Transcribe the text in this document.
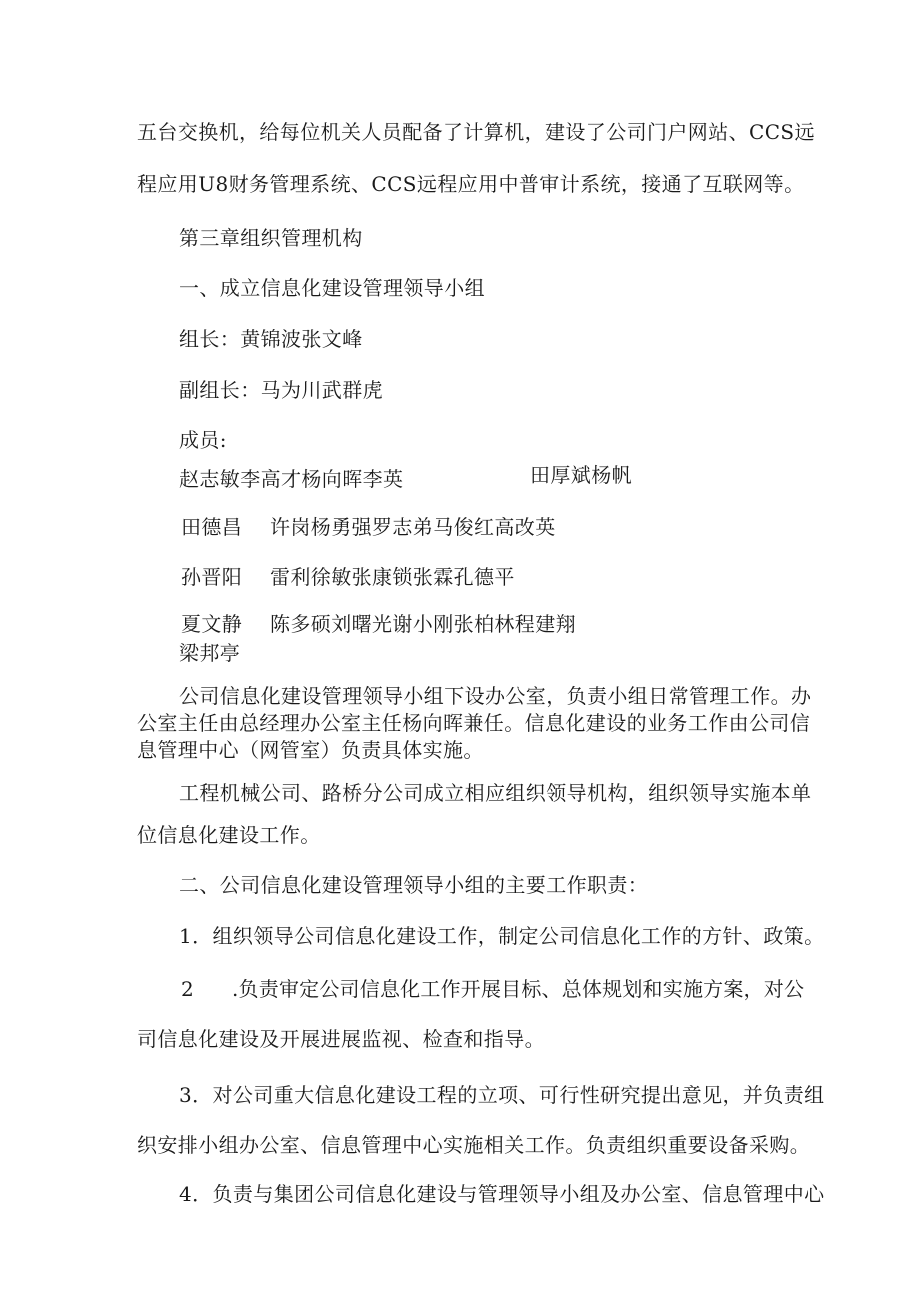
五台交换机，给每位机关人员配备了计算机，建设了公司门户网站、CCS远
程应用U8财务管理系统、CCS远程应用中普审计系统，接通了互联网等。
第三章组织管理机构
一、成立信息化建设管理领导小组
组长：黄锦波张文峰
副组长：马为川武群虎
成员:
赵志敏李高才杨向晖李英	田厚斌杨帆
田德昌 许岗杨勇强罗志弟马俊红高改英
孙晋阳 雷利徐敏张康锁张霖孔德平
夏文静 陈多硕刘曙光谢小刚张柏林程建翔
梁邦亭
公司信息化建设管理领导小组下设办公室，负责小组日常管理工作。办
公室主任由总经理办公室主任杨向晖兼任。信息化建设的业务工作由公司信
息管理中心（网管室）负责具体实施。
工程机械公司、路桥分公司成立相应组织领导机构，组织领导实施本单
位信息化建设工作。
二、公司信息化建设管理领导小组的主要工作职责：
1．组织领导公司信息化建设工作，制定公司信息化工作的方针、政策。
2 .负责审定公司信息化工作开展目标、总体规划和实施方案，对公
司信息化建设及开展进展监视、检查和指导。
3．对公司重大信息化建设工程的立项、可行性研究提出意见，并负责组
织安排小组办公室、信息管理中心实施相关工作。负责组织重要设备采购。
4．负责与集团公司信息化建设与管理领导小组及办公室、信息管理中心
